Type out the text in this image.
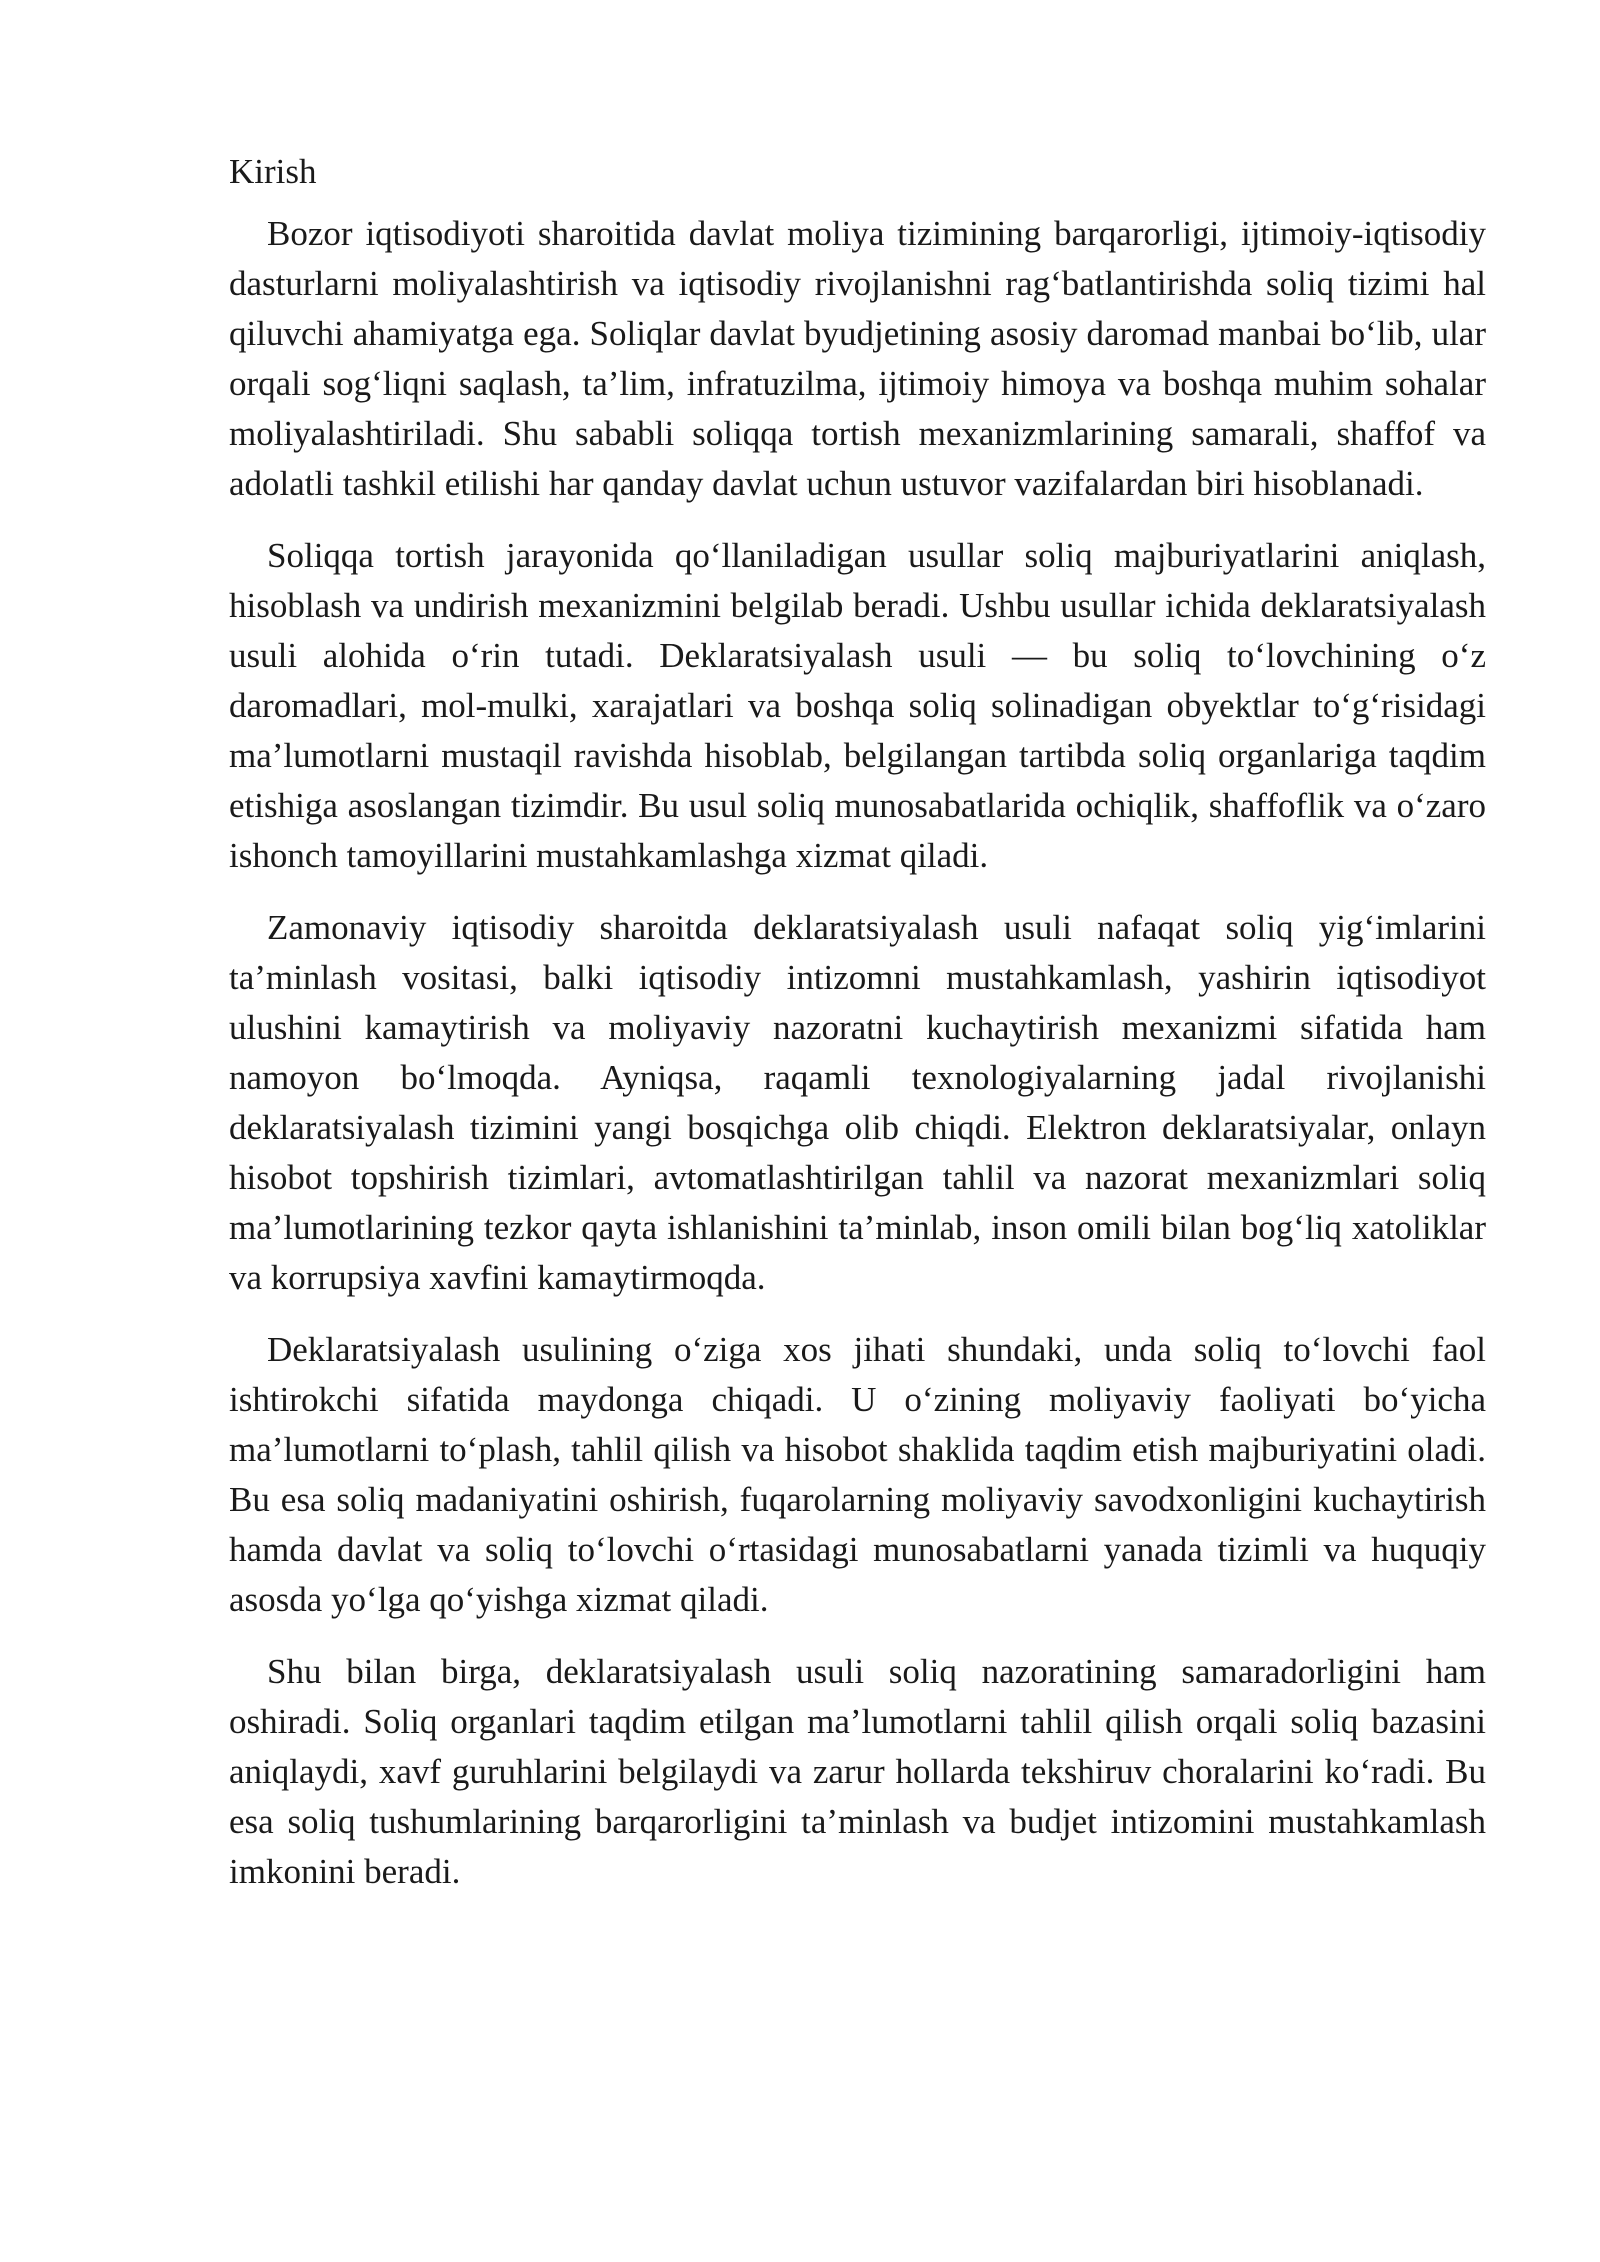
Kirish

Bozor iqtisodiyoti sharoitida davlat moliya tizimining barqarorligi, ijtimoiy-iqtisodiy dasturlarni moliyalashtirish va iqtisodiy rivojlanishni rag‘batlantirishda soliq tizimi hal qiluvchi ahamiyatga ega. Soliqlar davlat byudjetining asosiy daromad manbai bo‘lib, ular orqali sog‘liqni saqlash, ta’lim, infratuzilma, ijtimoiy himoya va boshqa muhim sohalar moliyalashtiriladi. Shu sababli soliqqa tortish mexanizmlarining samarali, shaffof va adolatli tashkil etilishi har qanday davlat uchun ustuvor vazifalardan biri hisoblanadi.

Soliqqa tortish jarayonida qo‘llaniladigan usullar soliq majburiyatlarini aniqlash, hisoblash va undirish mexanizmini belgilab beradi. Ushbu usullar ichida deklaratsiyalash usuli alohida o‘rin tutadi. Deklaratsiyalash usuli — bu soliq to‘lovchining o‘z daromadlari, mol-mulki, xarajatlari va boshqa soliq solinadigan obyektlar to‘g‘risidagi ma’lumotlarni mustaqil ravishda hisoblab, belgilangan tartibda soliq organlariga taqdim etishiga asoslangan tizimdir. Bu usul soliq munosabatlarida ochiqlik, shaffoflik va o‘zaro ishonch tamoyillarini mustahkamlashga xizmat qiladi.

Zamonaviy iqtisodiy sharoitda deklaratsiyalash usuli nafaqat soliq yig‘imlarini ta’minlash vositasi, balki iqtisodiy intizomni mustahkamlash, yashirin iqtisodiyot ulushini kamaytirish va moliyaviy nazoratni kuchaytirish mexanizmi sifatida ham namoyon bo‘lmoqda. Ayniqsa, raqamli texnologiyalarning jadal rivojlanishi deklaratsiyalash tizimini yangi bosqichga olib chiqdi. Elektron deklaratsiyalar, onlayn hisobot topshirish tizimlari, avtomatlashtirilgan tahlil va nazorat mexanizmlari soliq ma’lumotlarining tezkor qayta ishlanishini ta’minlab, inson omili bilan bog‘liq xatoliklar va korrupsiya xavfini kamaytirmoqda.

Deklaratsiyalash usulining o‘ziga xos jihati shundaki, unda soliq to‘lovchi faol ishtirokchi sifatida maydonga chiqadi. U o‘zining moliyaviy faoliyati bo‘yicha ma’lumotlarni to‘plash, tahlil qilish va hisobot shaklida taqdim etish majburiyatini oladi. Bu esa soliq madaniyatini oshirish, fuqarolarning moliyaviy savodxonligini kuchaytirish hamda davlat va soliq to‘lovchi o‘rtasidagi munosabatlarni yanada tizimli va huquqiy asosda yo‘lga qo‘yishga xizmat qiladi.

Shu bilan birga, deklaratsiyalash usuli soliq nazoratining samaradorligini ham oshiradi. Soliq organlari taqdim etilgan ma’lumotlarni tahlil qilish orqali soliq bazasini aniqlaydi, xavf guruhlarini belgilaydi va zarur hollarda tekshiruv choralarini ko‘radi. Bu esa soliq tushumlarining barqarorligini ta’minlash va budjet intizomini mustahkamlash imkonini beradi.
